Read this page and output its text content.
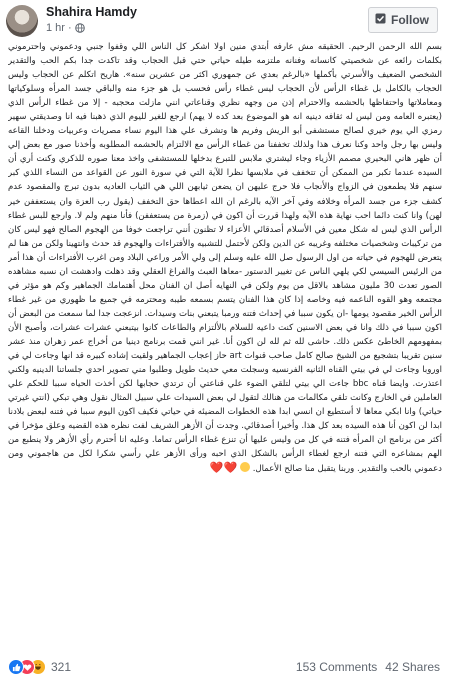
Shahira Hamdy
1 hr ·
Follow

بسم الله الرحمن الرحيم. الحقيقه مش عارفه أبتدي منين اولا اشكر كل الناس اللي وقفوا جنبي ودعموني واحترموني بكلمات رائعه عن شخصيتي كانسانه وفنانه ملتزمه طيله حياتي حتي قبل الحجاب وقد تاكدت جدا بكم الحب والتقدير الشخصي الضعيف والأسرتي بأكملها «بالرغم بعدي عن جمهوري اكثر من عشرين سنه». هاريح اتكلم عن الحجاب وليس الحجاب بالكامل بل غطاء الرأس لأن الحجاب ليس غطاء رأس فحسب بل هو جزء منه والباقي جسد المرأه وسلوكياتها ومعاملاتها واحتفاظها بالحشمه والاحترام إذن من وجهه نظري وقناعاتي انني مازلت محجبه - إلا من غطاء الرأس الذي (يعتبره العامه ومن ليس له ثقافه دينيه انه هو الموضوع بعد كده لا يهم) ارجع للغير لليوم الذي ذهبنا فيه انا وصديقتي سهير رمزي الي يوم خيري لصالح مستشفى أبو الريش وفريم ها وتشرف علي هذا اليوم نساء مصريات وعربيات ودخلنا القاعه وليس بها رجل واحد وكنا نعرف هذا ولذلك تخففنا من غطاء الرأس مع الالتزام بالحشمه المطلوبه وأخذنا صور مع بعض إلي أن ظهر هاني البحيري مصمم الأزياء وجاء ليشتري ملابس للتبرع بدخلها للمستشفى واخذ معنا صوره للذكري وكنت أري أن السيده عندما تكبر من الممكن أن تتخفف في ملابسها نظرا للآية التي في سورة النور عن القواعد من النساء اللذي كبر سنهم فلا يطمعون في الزواج والأنجاب فلا حرج عليهن ان يضعن ثيابهن اللي هي الثياب العاديه بدون تبرج والمقصود عدم كشف جزء من جسد المرأه وخلافه وفي آخر الآيه بالرغم ان الله اعطاها حق التخفف (يقول رب العزة وان يستعففن خير لهن) وانا كنت دائما احب نهاية هذه الآيه ولهذا قررت أن اكون في (زمرة من يستعففن) فأنا منهم ولم لا. وارجع للبس غطاء الرأس الذي ليس له شكل معين في الأسلام أصدقائي الأعزاء لا تظنون أنني تراجعت خوفا من الهجوم الصالح فهو ليس كان من تركيبات وشخصيات مختلفه وغريبه عن الدين ولكن لأحتمل للتشبيه والأفتراءات والهجوم قد حدث وانتهينا ولكن من هنا لم يتعرض للهجوم في حياته من اول الرسول صل الله عليه وسلم إلى ولي الأمر وراعي البلاد ومن اغرب الأفتراءات أن هذا أمر من الرئيس السيسي لكي يلهي الناس عن تغيير الدستور -معاها العبث والفراغ العقلي وقد ذهلت وادهشت ان نسبه مشاهده الصور تعدت 30 مليون مشاهد بالاقل من يوم ولكن في النهايه أصل ان الفنان محل أهتمامك الجماهير وكم هو مؤثر في مجتمعه وهو القوه الناعمه فيه وخاصه إذا كان هذا الفنان يتسم بسمعه طيبه ومحترمه في جميع ما ظهوري من غير غطاء الرأس الخير مقصود يومها -ان يكون سببا في إحداث فتنه ورمبا يتبعني بنات وسيدات. انزعجت جدا لما سمعت من البعض أن اكون سببا في ذلك وانا في بعض الاسنين كنت داعيه للسلام بالألتزام والطاعات كانوا بيتبعني عشرات عشرات، وأصبح الأن بمفهومهم الخاطئ عكس ذلك. حاشى لله ثم لله لن اكون أنا. غير انني قمت برنامج دينيا من أخراج عمر زهران منذ عشر سنين تقريبا بتشجيع من الشيخ صالح كامل صاحب قنوات art حاز إعجاب الجماهير ولقيت إشاده كبيره قد انها وجاءت لي في اوروبا وجاءت لي في بيتي القناه الثانيه الفرنسيه وسجلت معي حديث طويل وطلبوا مني تصوير احدي جلساتنا الدينيه ولكني اعتذرت. وايضا قناه bbc جاءت الي بيتي لتلقي الضوء علي قناعتي أن ترتدي حجابها لكن أخذت الحياه سببا للحكم علي العاملين في الخارج وكانت تلقي مكالمات من هنالك لتقول لي بعض السيدات علي سبيل المثال نقول وهي تبكي (انتي غيرتي حياتي) وانا ابكي معاها لا أستطيع ان انسي ابدا هذه الخطوات المضيئه في حياتي فكيف اكون اليوم سببا في فتنه لبعض بلادنا ابدا لن اكون أنا هذه السيده بعد كل هذا. وأخيرا أصدقائي. وجدت أن الأزهر الشريف لفت نظره هذه القضيه وعلق مؤخرا في أكثر من برنامج ان المرأه فتنه في كل من وليس عليها أن تنزع غطاء الرأس تماما. وعليه انا أحترم رأي الأزهر ولا ينطبع من الهم بمشاعره التي فتنه ارجع لغطاء الرأس بالشكل الذي احبه ورأى الأزهر علي رأسي شكرا لكل من هاجموني ومن دعموني بالحب والتقدير. وربنا يتقبل منا صالح الأعمال.  ❤️❤️

321	153 Comments 42 Shares
